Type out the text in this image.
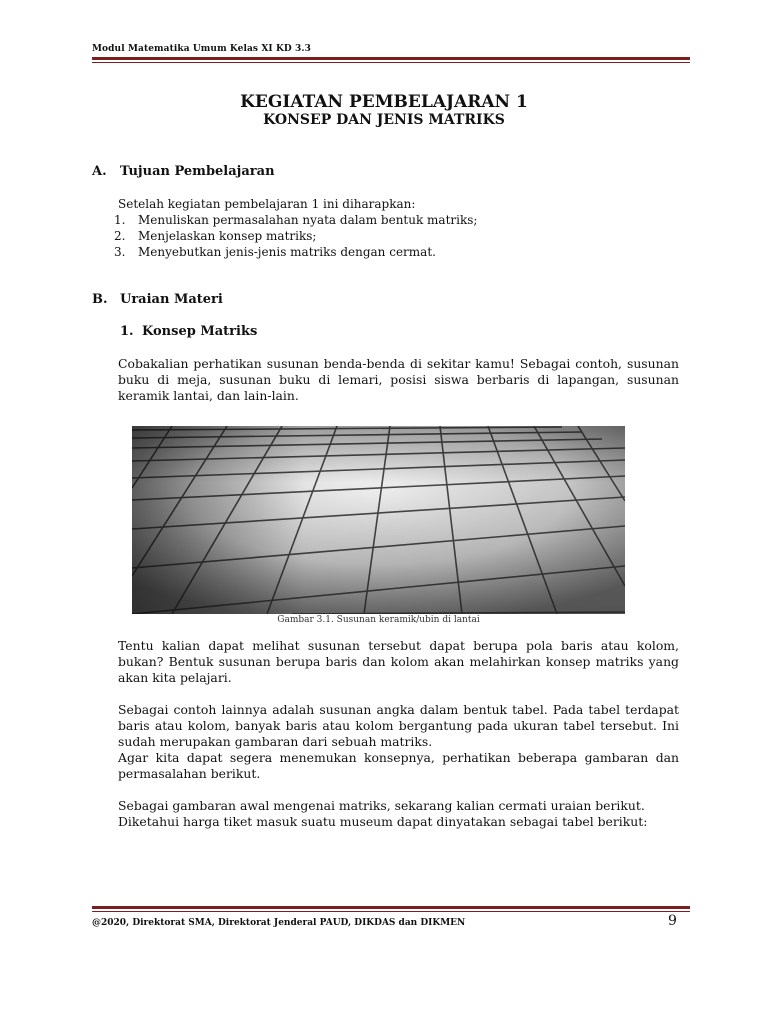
Modul Matematika Umum Kelas XI KD 3.3
KEGIATAN PEMBELAJARAN 1
KONSEP DAN JENIS MATRIKS
A. Tujuan Pembelajaran
Setelah kegiatan pembelajaran 1 ini diharapkan:
1.	Menuliskan permasalahan nyata dalam bentuk matriks;
2.	Menjelaskan konsep matriks;
3.	Menyebutkan jenis-jenis matriks dengan cermat.
B. Uraian Materi
1. Konsep Matriks
Cobakalian perhatikan susunan benda-benda di sekitar kamu! Sebagai contoh, susunan buku di meja, susunan buku di lemari, posisi siswa berbaris di lapangan, susunan keramik lantai, dan lain-lain.
Gambar 3.1. Susunan keramik/ubin di lantai
Tentu kalian dapat melihat susunan tersebut dapat berupa pola baris atau kolom, bukan? Bentuk susunan berupa baris dan kolom akan melahirkan konsep matriks yang akan kita pelajari.
Sebagai contoh lainnya adalah susunan angka dalam bentuk tabel. Pada tabel terdapat baris atau kolom, banyak baris atau kolom bergantung pada ukuran tabel tersebut. Ini sudah merupakan gambaran dari sebuah matriks.
Agar kita dapat segera menemukan konsepnya, perhatikan beberapa gambaran dan permasalahan berikut.
Sebagai gambaran awal mengenai matriks, sekarang kalian cermati uraian berikut.
Diketahui harga tiket masuk suatu museum dapat dinyatakan sebagai tabel berikut:
@2020, Direktorat SMA, Direktorat Jenderal PAUD, DIKDAS dan DIKMEN	9
